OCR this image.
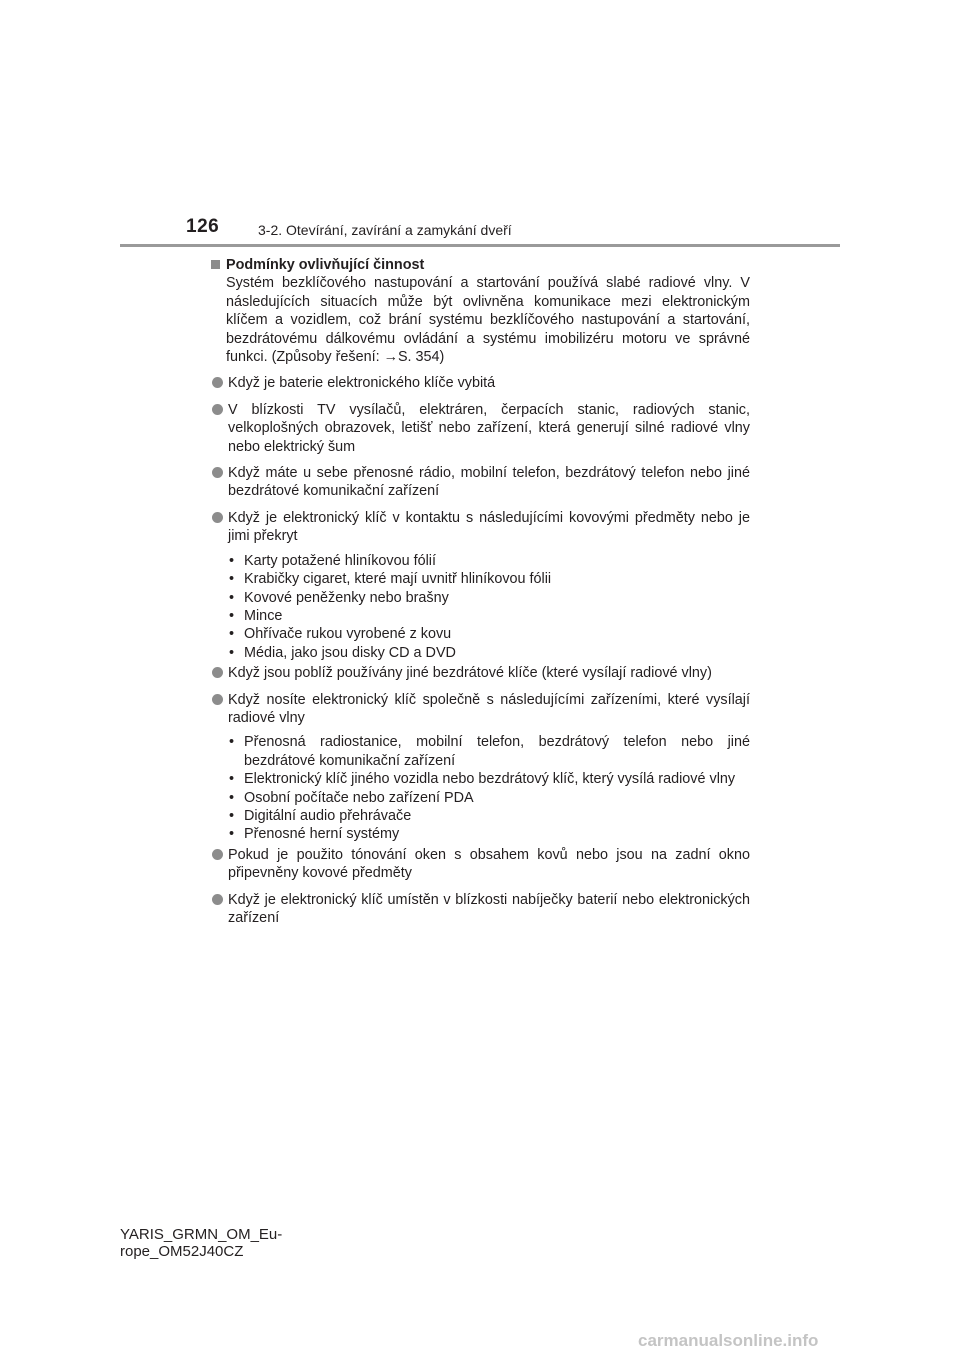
126	3-2. Otevírání, zavírání a zamykání dveří
Podmínky ovlivňující činnost
Systém bezklíčového nastupování a startování používá slabé radiové vlny. V následujících situacích může být ovlivněna komunikace mezi elektronickým klíčem a vozidlem, což brání systému bezklíčového nastupování a startování, bezdrátovému dálkovému ovládání a systému imobilizéru motoru ve správné funkci. (Způsoby řešení: →S. 354)
Když je baterie elektronického klíče vybitá
V blízkosti TV vysílačů, elektráren, čerpacích stanic, radiových stanic, velkoplošných obrazovek, letišť nebo zařízení, která generují silné radiové vlny nebo elektrický šum
Když máte u sebe přenosné rádio, mobilní telefon, bezdrátový telefon nebo jiné bezdrátové komunikační zařízení
Když je elektronický klíč v kontaktu s následujícími kovovými předměty nebo je jimi překryt
• Karty potažené hliníkovou fólií
• Krabičky cigaret, které mají uvnitř hliníkovou fólii
• Kovové peněženky nebo brašny
• Mince
• Ohřívače rukou vyrobené z kovu
• Média, jako jsou disky CD a DVD
Když jsou poblíž používány jiné bezdrátové klíče (které vysílají radiové vlny)
Když nosíte elektronický klíč společně s následujícími zařízeními, které vysílají radiové vlny
• Přenosná radiostanice, mobilní telefon, bezdrátový telefon nebo jiné bezdrátové komunikační zařízení
• Elektronický klíč jiného vozidla nebo bezdrátový klíč, který vysílá radiové vlny
• Osobní počítače nebo zařízení PDA
• Digitální audio přehrávače
• Přenosné herní systémy
Pokud je použito tónování oken s obsahem kovů nebo jsou na zadní okno připevněny kovové předměty
Když je elektronický klíč umístěn v blízkosti nabíječky baterií nebo elektronických zařízení
YARIS_GRMN_OM_Eu-
rope_OM52J40CZ
carmanualsonline.info
